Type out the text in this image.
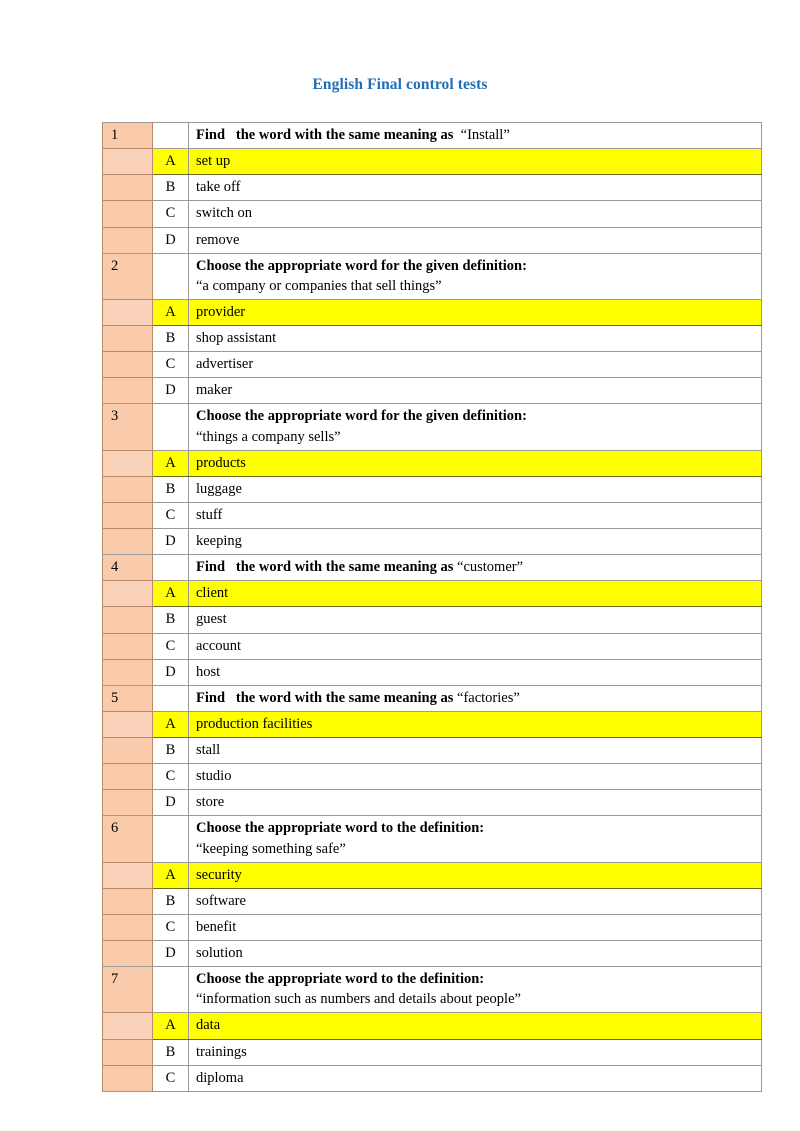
English Final control tests
1		Find   the word with the same meaning as  “Install”

	A	set up
	B	take off
	C	switch on
	D	remove
2		Choose the appropriate word for the given definition:
“a company or companies that sell things”

	A	provider
	B	shop assistant
	C	advertiser
	D	maker
3		Choose the appropriate word for the given definition:
“things a company sells”

	A	products
	B	luggage
	C	stuff
	D	keeping
4		Find   the word with the same meaning as “customer”

	A	client
	B	guest
	C	account
	D	host
5		Find   the word with the same meaning as “factories”

	A	production facilities
	B	stall
	C	studio
	D	store
6		Choose the appropriate word to the definition:
“keeping something safe”

	A	security
	B	software
	C	benefit
	D	solution
7		Choose the appropriate word to the definition:
“information such as numbers and details about people”

	A	data
	B	trainings
	C	diploma
